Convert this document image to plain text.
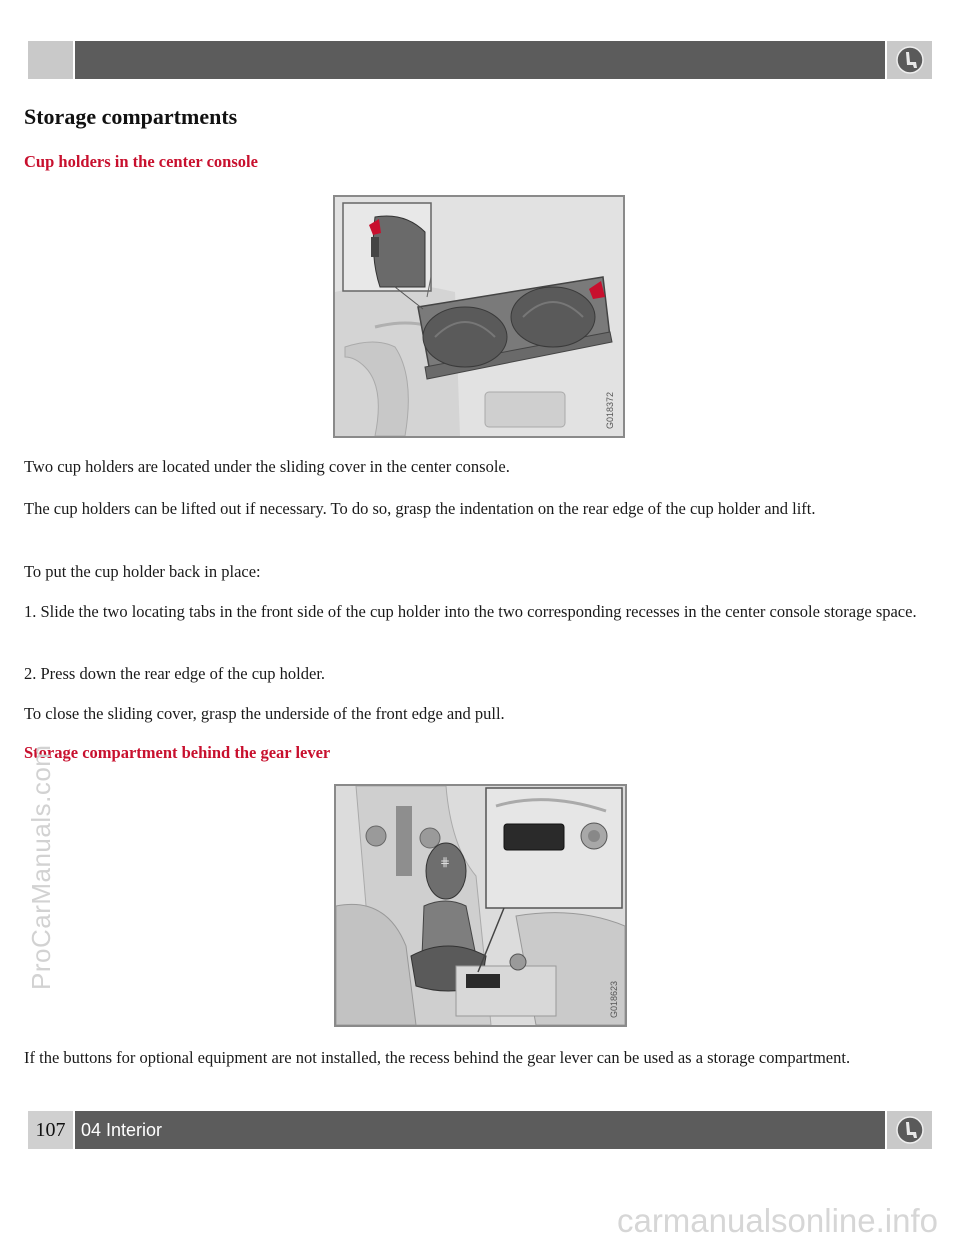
Storage compartments
Cup holders in the center console
G018372

Two cup holders are located under the sliding cover in the center console.

The cup holders can be lifted out if necessary. To do so, grasp the indentation on the rear edge of the cup holder and lift.

To put the cup holder back in place:

1. Slide the two locating tabs in the front side of the cup holder into the two corresponding recesses in the center console storage space.

2. Press down the rear edge of the cup holder.

To close the sliding cover, grasp the underside of the front edge and pull.

Storage compartment behind the gear lever
⋕
G018623

If the buttons for optional equipment are not installed, the recess behind the gear lever can be used as a storage compartment.

107 04 Interior
ProCarManuals.com
carmanualsonline.info
